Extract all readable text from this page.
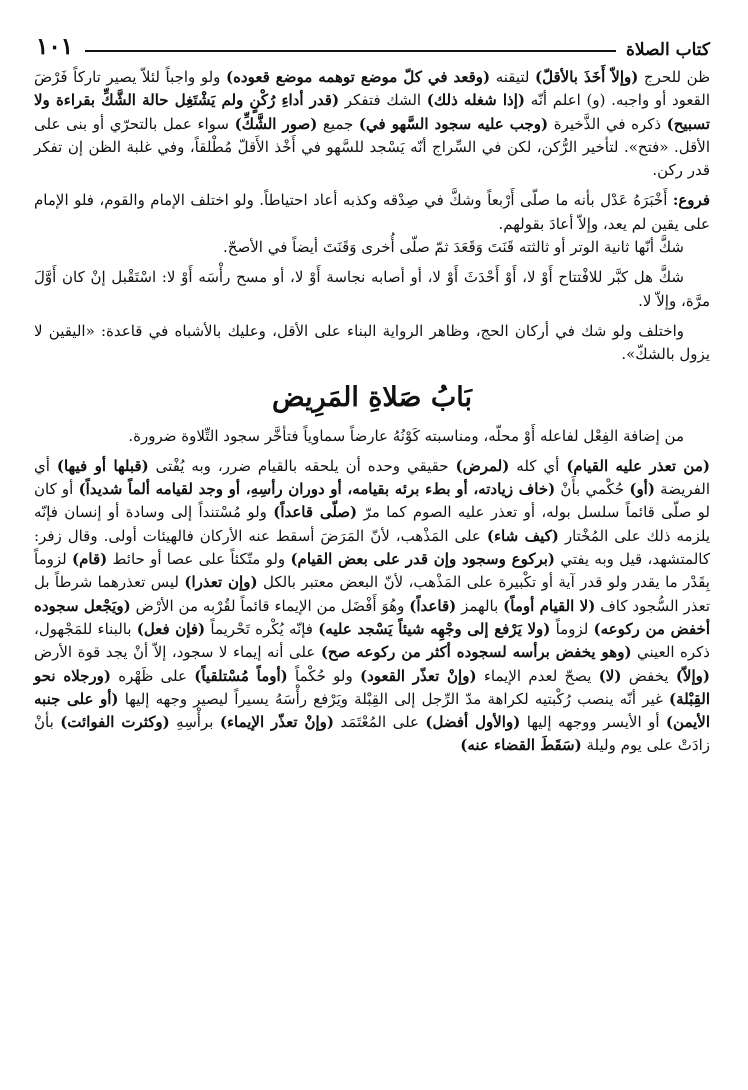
١٠١	كتاب الصلاة

ظن للحرج (وإلاّ أَخَذَ بالأقلّ) لتيقنه (وقعد في كلّ موضع توهمه موضع قعوده) ولو واجباً لئلاّ يصير تاركاً فَرْضَ القعود أو واجبه. (و) اعلم أنّه (إذا شغله ذلك) الشك فتفكر (قدر أداءِ رُكْنٍ ولم يَشْتَغِل حالة الشَّكِّ بقراءة ولا تسبيح) ذكره في الذَّخيرة (وجب عليه سجود السَّهو في) جميع (صور الشَّكِّ) سواء عمل بالتحرّي أو بنى على الأقل. «فتح». لتأخير الرُّكن، لكن في السِّراج أنّه يَسْجد للسَّهو في أَخْذ الأَقلّ مُطْلقاً، وفي غلبة الظن إن تفكر قدر ركن.

فروع: أَخْبَرَهُ عَدْل بأنه ما صلّى أَرْبعاً وشكَّ في صِدْقه وكذبه أعاد احتياطاً. ولو اختلف الإمام والقوم، فلو الإمام على يقين لم يعد، وإلاّ أعادَ بقولهم.

شكَّ أنّها ثانية الوتر أو ثالثته قَنَتَ وَقَعَدَ ثمّ صلّى أُخرى وَقَنَتَ أيضاً في الأصحّ.

شكَّ هل كبَّر للافْتتاح أَوْ لا، أَوْ أَحْدَثَ أَوْ لا، أو أصابه نجاسة أَوْ لا، أو مسح رأْسَه أَوْ لا: اسْتَقْبل إنْ كان أَوَّلَ مرَّة، وإلاّ لا.

واختلف ولو شك في أركان الحج، وظاهر الرواية البناء على الأقل، وعليك بالأشباه في قاعدة: «اليقين لا يزول بالشكّ».

بَابُ صَلاةِ المَرِيض

من إضافة الفِعْل لفاعله أَوْ محلّه، ومناسبته كَوْنُهُ عارضاً سماوياً فتأخَّر سجود التِّلاوة ضرورة.

(من تعذر عليه القيام) أي كله (لمرض) حقيقي وحده أن يلحقه بالقيام ضرر، وبه يُفْتى (قبلها أو فيها) أي الفريضة (أو) حُكْمي بأَنْ (خاف زيادته، أو بطء برئه بقيامه، أو دوران رأسِهِ، أو وجد لقيامه ألماً شديداً) أو كان لو صلّى قائماً سلسل بوله، أو تعذر عليه الصوم كما مرّ (صلّى قاعداً) ولو مُسْتنداً إلى وسادة أو إنسان فإنّه يلزمه ذلك على المُخْتار (كيف شاء) على المَذْهب، لأنّ المَرَضَ أسقط عنه الأركان فالهيئات أولى. وقال زفر: كالمتشهد، قيل وبه يفتي (بركوع وسجود وإن قدر على بعض القيام) ولو متّكئاً على عصا أو حائط (قام) لزوماً بِقَدْر ما يقدر ولو قدر آية أو تكْبيرة على المَذْهب، لأنّ البعض معتبر بالكل (وإن تعذرا) ليس تعذرهما شرطاً بل تعذر السُّجود كاف (لا القيام أوماً) بالهمز (قاعداً) وهُوَ أَفْضَل من الإيماء قائماً لقُرْبه من الأرْض (ويَجْعل سجوده أخفض من ركوعه) لزوماً (ولا يَرْفع إلى وجْهِه شيئاً يَسْجد عليه) فإنّه يُكْره تَحْريماً (فإن فعل) بالبناء للمَجْهول، ذكره العيني (وهو يخفض برأسه لسجوده أكثر من ركوعه صح) على أنه إيماء لا سجود، إلاّ أنْ يجد قوة الأرض (وإلاّ) يخفض (لا) يصحّ لعدم الإيماء (وإنْ تعذّر القعود) ولو حُكْماً (أوماً مُسْتلقياً) على ظَهْره (ورجلاه نحو القِبْلة) غير أنّه ينصب رُكْبتيه لكراهة مدّ الرِّجل إلى القِبْلة ويَرْفع رأْسَهُ يسيراً ليصير وجهه إليها (أو على جنبه الأيمن) أو الأيسر ووجهه إليها (والأول أفضل) على المُعْتَمَد (وإنْ تعذّر الإيماء) برأْسِهِ (وكثرت الفوائت) بأنْ زادَتْ على يوم وليلة (سَقَطَ القضاء عنه)
